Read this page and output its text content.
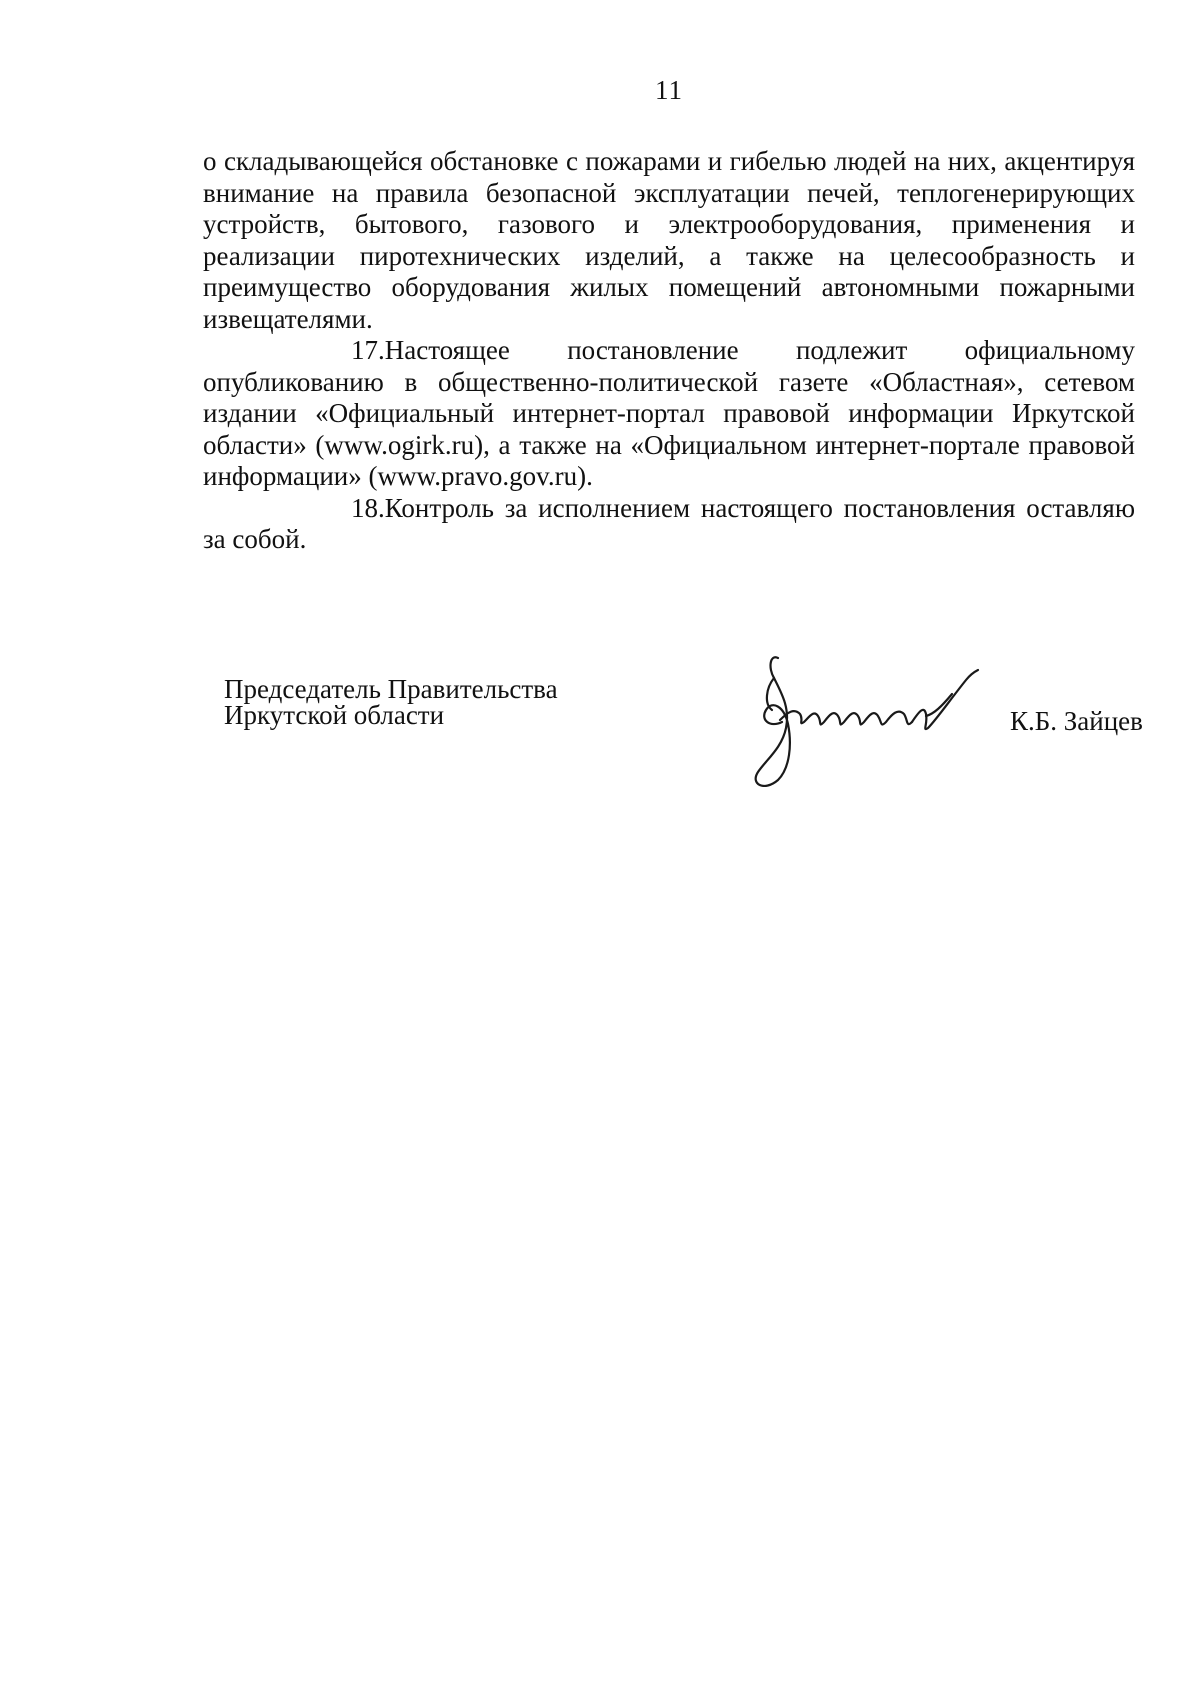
11

о складывающейся обстановке с пожарами и гибелью людей на них, акцентируя внимание на правила безопасной эксплуатации печей, теплогенерирующих устройств, бытового, газового и электрооборудования, применения и реализации пиротехнических изделий, а также на целесообразность и преимущество оборудования жилых помещений автономными пожарными извещателями.

17.Настоящее постановление подлежит официальному опубликованию в общественно-политической газете «Областная», сетевом издании «Официальный интернет-портал правовой информации Иркутской области» (www.ogirk.ru), а также на «Официальном интернет-портале правовой информации» (www.pravo.gov.ru).

18.Контроль за исполнением настоящего постановления оставляю за собой.

Председатель Правительства
Иркутской области	К.Б. Зайцев
